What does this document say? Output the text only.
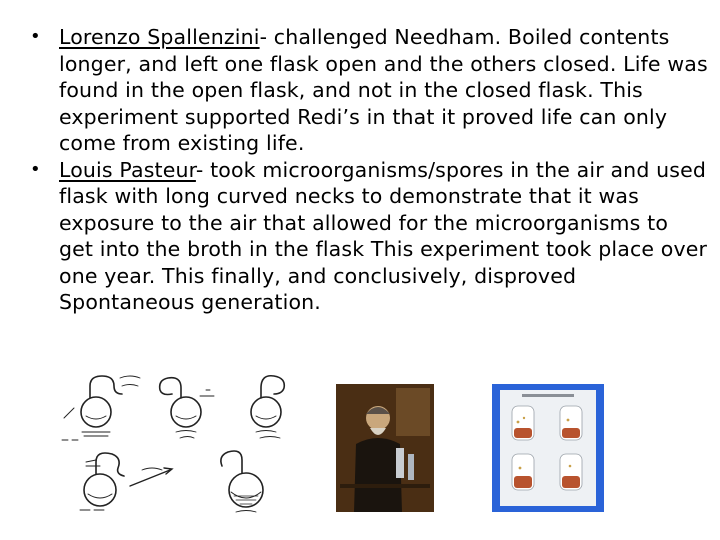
• Lorenzo Spallenzini- challenged Needham. Boiled contents longer, and left one flask open and the others closed. Life was found in the open flask, and not in the closed flask. This experiment supported Redi’s in that it proved life can only come from existing life.
• Louis Pasteur- took microorganisms/spores in the air and used flask with long curved necks to demonstrate that it was exposure to the air that allowed for the microorganisms to get into the broth in the flask This experiment took place over one year. This finally, and conclusively, disproved Spontaneous generation.
